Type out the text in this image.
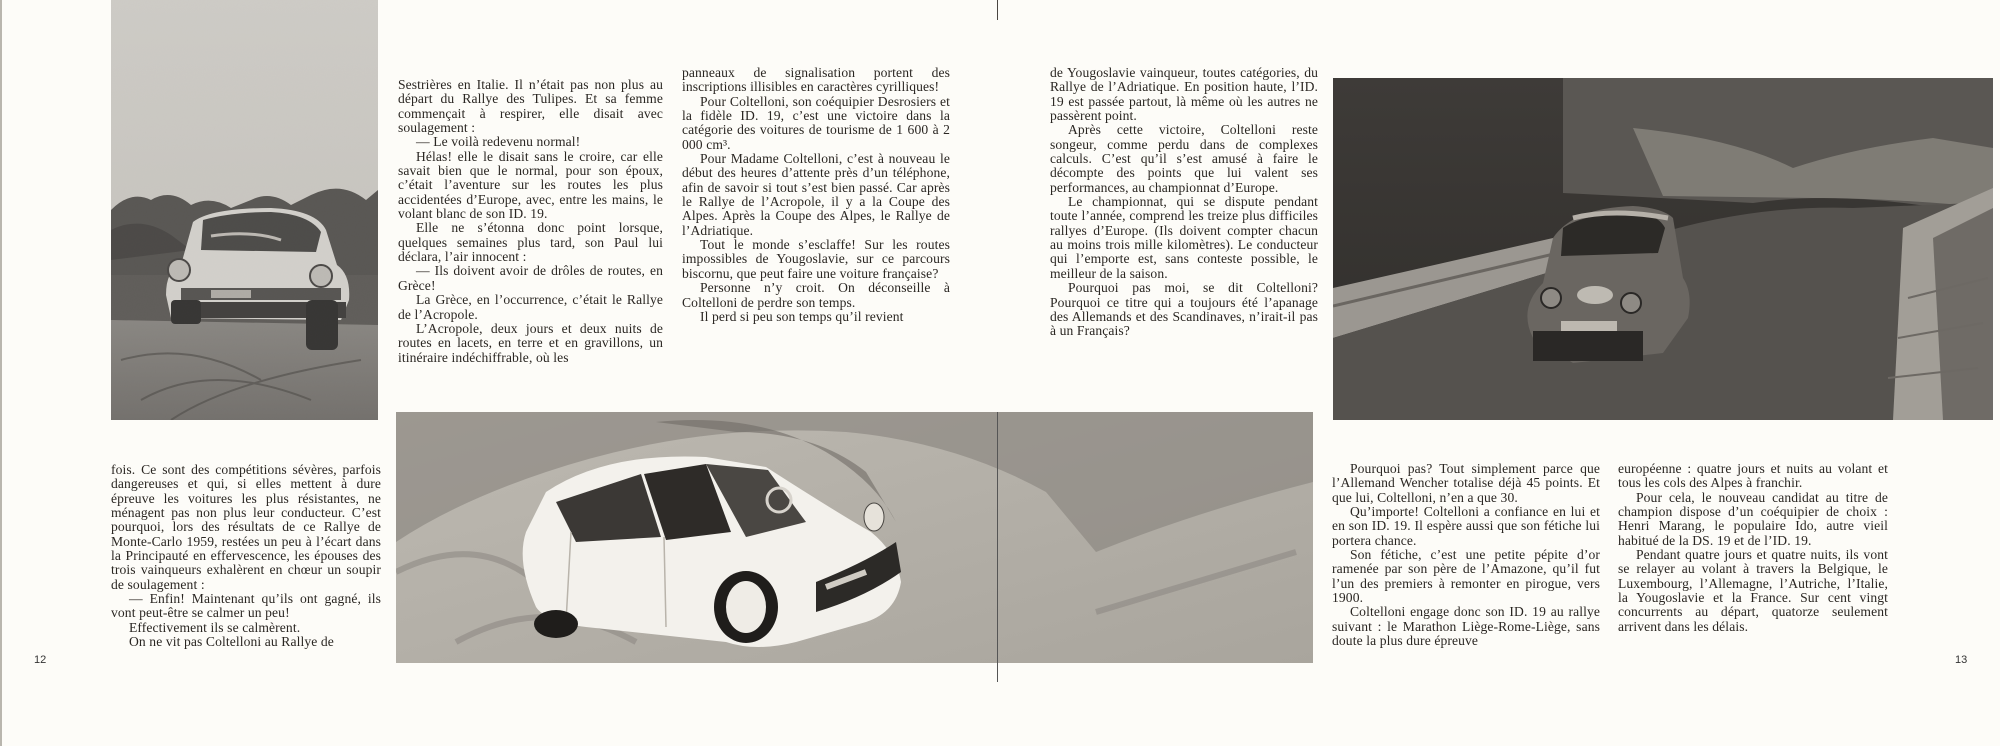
Sestrières en Italie. Il n’était pas non plus au départ du Rallye des Tulipes. Et sa femme commençait à respirer, elle disait avec soulagement :

— Le voilà redevenu normal!

Hélas! elle le disait sans le croire, car elle savait bien que le normal, pour son époux, c’était l’aventure sur les routes les plus accidentées d’Europe, avec, entre les mains, le volant blanc de son ID. 19.

Elle ne s’étonna donc point lorsque, quelques semaines plus tard, son Paul lui déclara, l’air innocent :

— Ils doivent avoir de drôles de routes, en Grèce!

La Grèce, en l’occurrence, c’était le Rallye de l’Acropole.

L’Acropole, deux jours et deux nuits de routes en lacets, en terre et en gravillons, un itinéraire indéchiffrable, où les

panneaux de signalisation portent des inscriptions illisibles en caractères cyrilliques!

Pour Coltelloni, son coéquipier Desrosiers et la fidèle ID. 19, c’est une victoire dans la catégorie des voitures de tourisme de 1 600 à 2 000 cm³.

Pour Madame Coltelloni, c’est à nouveau le début des heures d’attente près d’un téléphone, afin de savoir si tout s’est bien passé. Car après le Rallye de l’Acropole, il y a la Coupe des Alpes. Après la Coupe des Alpes, le Rallye de l’Adriatique.

Tout le monde s’esclaffe! Sur les routes impossibles de Yougoslavie, sur ce parcours biscornu, que peut faire une voiture française?

Personne n’y croit. On déconseille à Coltelloni de perdre son temps.

Il perd si peu son temps qu’il revient

de Yougoslavie vainqueur, toutes catégories, du Rallye de l’Adriatique. En position haute, l’ID. 19 est passée partout, là même où les autres ne passèrent point.

Après cette victoire, Coltelloni reste songeur, comme perdu dans de complexes calculs. C’est qu’il s’est amusé à faire le décompte des points que lui valent ses performances, au championnat d’Europe.

Le championnat, qui se dispute pendant toute l’année, comprend les treize plus difficiles rallyes d’Europe. (Ils doivent compter chacun au moins trois mille kilomètres). Le conducteur qui l’emporte est, sans conteste possible, le meilleur de la saison.

Pourquoi pas moi, se dit Coltelloni? Pourquoi ce titre qui a toujours été l’apanage des Allemands et des Scandinaves, n’irait-il pas à un Français?

fois. Ce sont des compétitions sévères, parfois dangereuses et qui, si elles mettent à dure épreuve les voitures les plus résistantes, ne ménagent pas non plus leur conducteur. C’est pourquoi, lors des résultats de ce Rallye de Monte-Carlo 1959, restées un peu à l’écart dans la Principauté en effervescence, les épouses des trois vainqueurs exhalèrent en chœur un soupir de soulagement :

— Enfin! Maintenant qu’ils ont gagné, ils vont peut-être se calmer un peu!

Effectivement ils se calmèrent.

On ne vit pas Coltelloni au Rallye de

Pourquoi pas? Tout simplement parce que l’Allemand Wencher totalise déjà 45 points. Et que lui, Coltelloni, n’en a que 30.

Qu’importe! Coltelloni a confiance en lui et en son ID. 19. Il espère aussi que son fétiche lui portera chance.

Son fétiche, c’est une petite pépite d’or ramenée par son père de l’Amazone, qu’il fut l’un des premiers à remonter en pirogue, vers 1900.

Coltelloni engage donc son ID. 19 au rallye suivant : le Marathon Liège-Rome-Liège, sans doute la plus dure épreuve

européenne : quatre jours et nuits au volant et tous les cols des Alpes à franchir.

Pour cela, le nouveau candidat au titre de champion dispose d’un coéquipier de choix : Henri Marang, le populaire Ido, autre vieil habitué de la DS. 19 et de l’ID. 19.

Pendant quatre jours et quatre nuits, ils vont se relayer au volant à travers la Belgique, le Luxembourg, l’Allemagne, l’Autriche, l’Italie, la Yougoslavie et la France. Sur cent vingt concurrents au départ, quatorze seulement arrivent dans les délais.

12	13
